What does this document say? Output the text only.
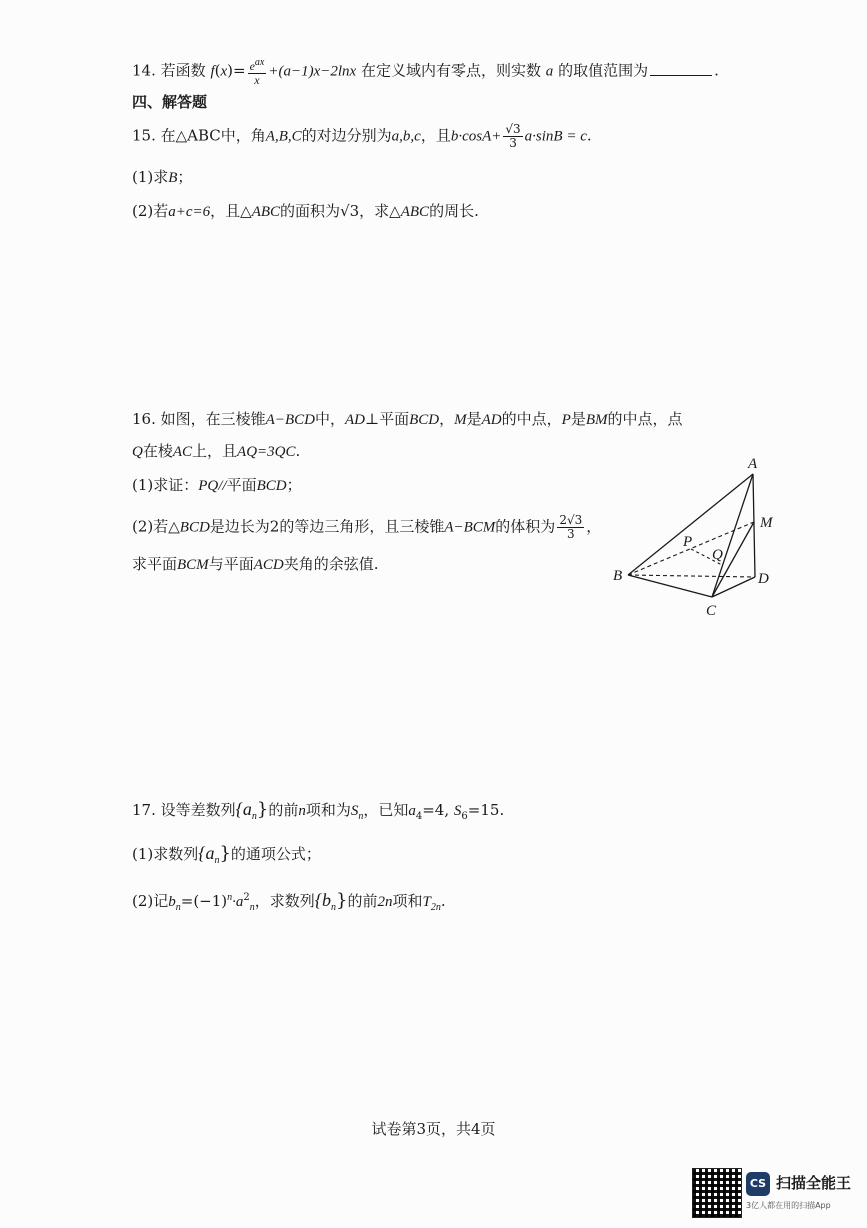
14. 若函数 $f(x)= \frac{e^{ax}}{x} +(a-1)x-2\ln x$ 在定义域内有零点，则实数 a 的取值范围为	.
四、解答题
15. 在△ABC中，角A,B,C的对边分别为a,b,c，且$b\cdot\cos A+ \frac{√3}{3} a\cdot\sin B = c$.
(1)求B；
(2)若a+c=6，且△ABC的面积为√3，求△ABC的周长.
16. 如图，在三棱锥A−BCD中，AD⊥平面BCD，M是AD的中点，P是BM的中点，点
Q在棱AC上，且AQ=3QC.
(1)求证：PQ//平面BCD；
(2)若△BCD是边长为2的等边三角形，且三棱锥A−BCM的体积为 $\frac{2√3}{3}$ ，
求平面BCM与平面ACD夹角的余弦值.
A
M
P
Q
B	D
C
17. 设等差数列$\{a_n\}$的前n项和为$S_n$，已知$a_4=4$, $S_6=15$.
(1)求数列$\{a_n\}$的通项公式；
(2)记$b_n=(-1)^n\cdot a^2_n$，求数列$\{b_n\}$的前2n项和$T_{2n}$.
试卷第3页，共4页
CS 扫描全能王
3亿人都在用的扫描App
